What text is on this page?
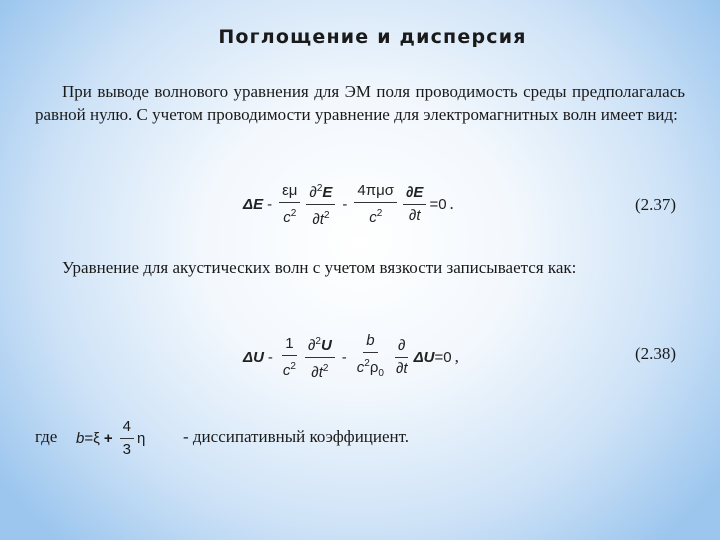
Поглощение и дисперсия

При выводе волнового уравнения для ЭМ поля проводимость среды предполагалась равной нулю. С учетом проводимости уравнение для электромагнитных волн имеет вид:

$\Delta E - \frac{\varepsilon\mu}{c^2} \frac{\partial^2E}{\partial t^2} - \frac{\text{4πμσ}}{c^2} \frac{\partial E}{\partial t} =0$ .	(2.37)

Уравнение для акустических волн с учетом вязкости записывается как:

ΔU - $\frac{1}{c^2} \frac{\partial^2U}{\partial t^2} - \frac{b}{c^2\rho_0} \frac{\partial}{\partial t}$ ΔU =0 ,	(2.38)
где $b =\xi + \frac{4}{3}$ η - диссипативный коэффициент.
